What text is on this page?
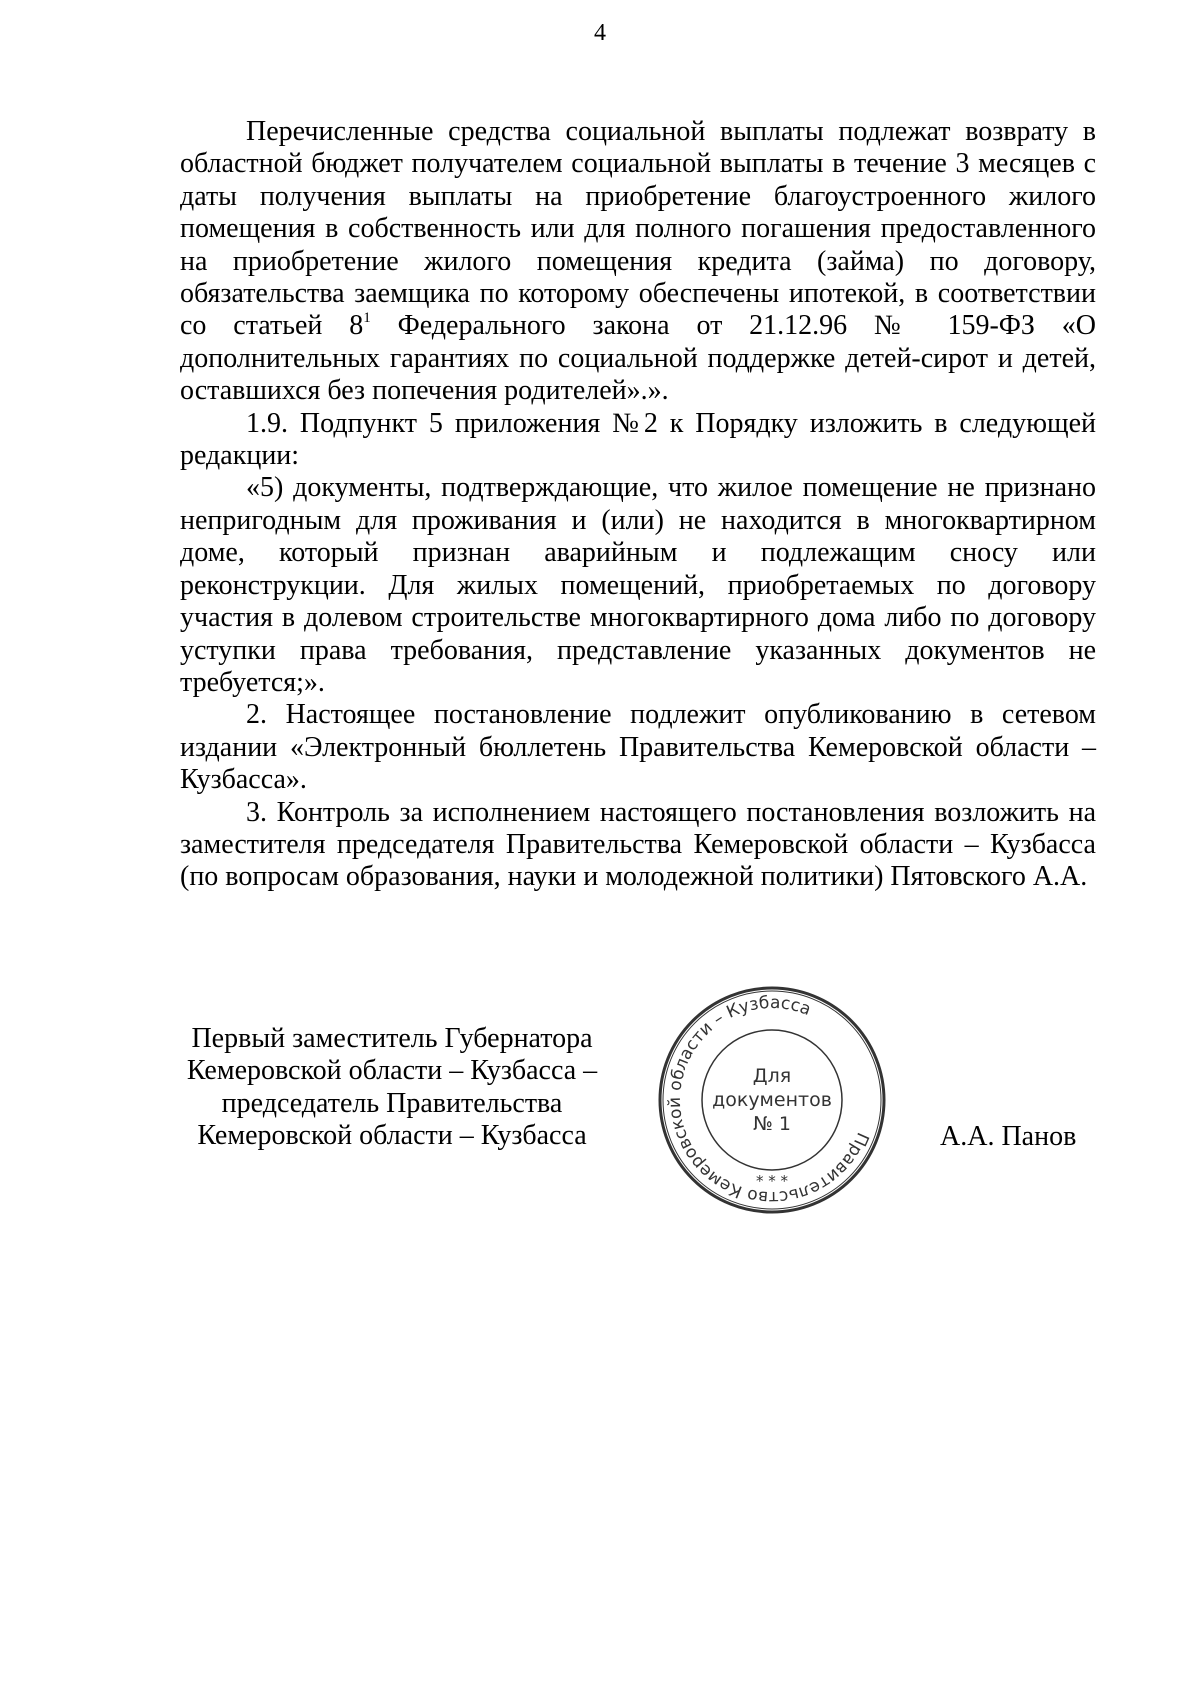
4

Перечисленные средства социальной выплаты подлежат возврату в областной бюджет получателем социальной выплаты в течение 3 месяцев с даты получения выплаты на приобретение благоустроенного жилого помещения в собственность или для полного погашения предоставленного на приобретение жилого помещения кредита (займа) по договору, обязательства заемщика по которому обеспечены ипотекой, в соответствии со статьей $8^1$ Федерального закона от 21.12.96 № 159-ФЗ «О дополнительных гарантиях по социальной поддержке детей-сирот и детей, оставшихся без попечения родителей».».

1.9. Подпункт 5 приложения №2 к Порядку изложить в следующей редакции:

«5) документы, подтверждающие, что жилое помещение не признано непригодным для проживания и (или) не находится в многоквартирном доме, который признан аварийным и подлежащим сносу или реконструкции. Для жилых помещений, приобретаемых по договору участия в долевом строительстве многоквартирного дома либо по договору уступки права требования, представление указанных документов не требуется;».

2. Настоящее постановление подлежит опубликованию в сетевом издании «Электронный бюллетень Правительства Кемеровской области – Кузбасса».

3. Контроль за исполнением настоящего постановления возложить на заместителя председателя Правительства Кемеровской области – Кузбасса (по вопросам образования, науки и молодежной политики) Пятовского А.А.

Первый заместитель Губернатора
Кемеровской области – Кузбасса –
председатель Правительства
Кемеровской области – Кузбасса	Правительство Кемеровской области – Кузбасса
Для
документов
№ 1
* * *
А.А. Панов
